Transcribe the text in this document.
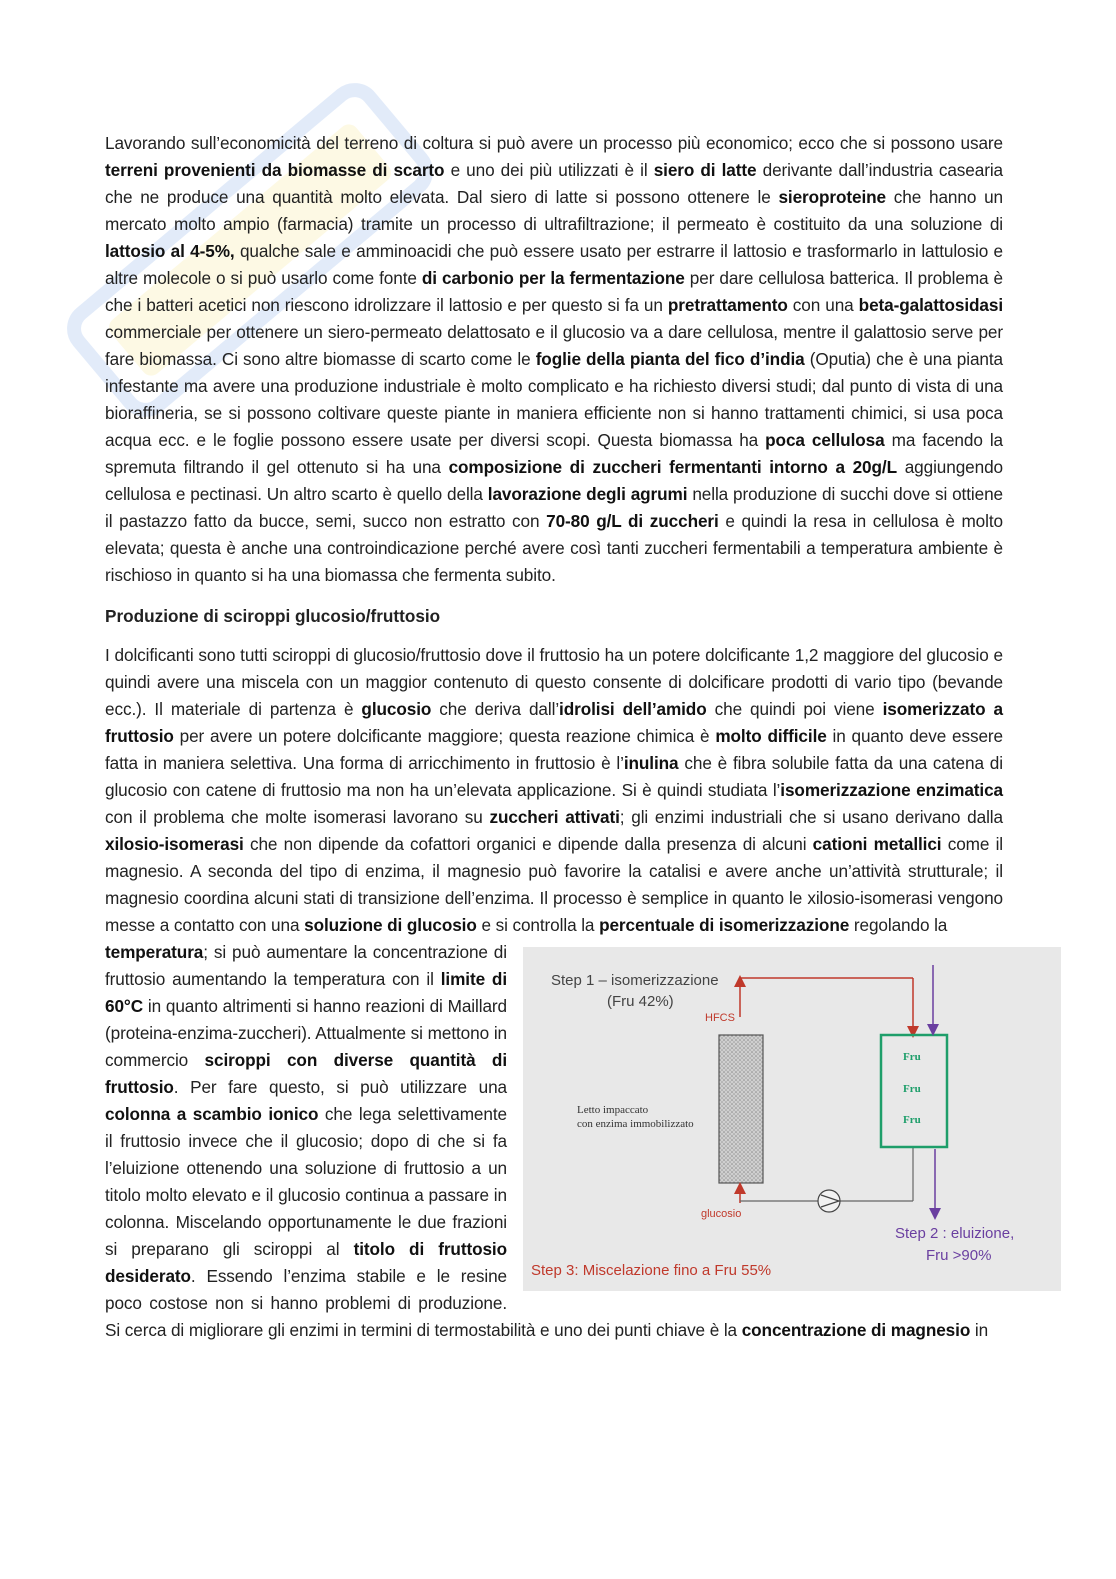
Lavorando sull’economicità del terreno di coltura si può avere un processo più economico; ecco che si possono usare terreni provenienti da biomasse di scarto e uno dei più utilizzati è il siero di latte derivante dall’industria casearia che ne produce una quantità molto elevata. Dal siero di latte si possono ottenere le sieroproteine che hanno un mercato molto ampio (farmacia) tramite un processo di ultrafiltrazione; il permeato è costituito da una soluzione di lattosio al 4-5%, qualche sale e amminoacidi che può essere usato per estrarre il lattosio e trasformarlo in lattulosio e altre molecole o si può usarlo come fonte di carbonio per la fermentazione per dare cellulosa batterica. Il problema è che i batteri acetici non riescono idrolizzare il lattosio e per questo si fa un pretrattamento con una beta-galattosidasi commerciale per ottenere un siero-permeato delattosato e il glucosio va a dare cellulosa, mentre il galattosio serve per fare biomassa. Ci sono altre biomasse di scarto come le foglie della pianta del fico d’india (Oputia) che è una pianta infestante ma avere una produzione industriale è molto complicato e ha richiesto diversi studi; dal punto di vista di una bioraffineria, se si possono coltivare queste piante in maniera efficiente non si hanno trattamenti chimici, si usa poca acqua ecc. e le foglie possono essere usate per diversi scopi. Questa biomassa ha poca cellulosa ma facendo la spremuta filtrando il gel ottenuto si ha una composizione di zuccheri fermentanti intorno a 20g/L aggiungendo cellulosa e pectinasi. Un altro scarto è quello della lavorazione degli agrumi nella produzione di succhi dove si ottiene il pastazzo fatto da bucce, semi, succo non estratto con 70-80 g/L di zuccheri e quindi la resa in cellulosa è molto elevata; questa è anche una controindicazione perché avere così tanti zuccheri fermentabili a temperatura ambiente è rischioso in quanto si ha una biomassa che fermenta subito.

Produzione di sciroppi glucosio/fruttosio

I dolcificanti sono tutti sciroppi di glucosio/fruttosio dove il fruttosio ha un potere dolcificante 1,2 maggiore del glucosio e quindi avere una miscela con un maggior contenuto di questo consente di dolcificare prodotti di vario tipo (bevande ecc.). Il materiale di partenza è glucosio che deriva dall’idrolisi dell’amido che quindi poi viene isomerizzato a fruttosio per avere un potere dolcificante maggiore; questa reazione chimica è molto difficile in quanto deve essere fatta in maniera selettiva. Una forma di arricchimento in fruttosio è l’inulina che è fibra solubile fatta da una catena di glucosio con catene di fruttosio ma non ha un’elevata applicazione. Si è quindi studiata l’isomerizzazione enzimatica con il problema che molte isomerasi lavorano su zuccheri attivati; gli enzimi industriali che si usano derivano dalla xilosio-isomerasi che non dipende da cofattori organici e dipende dalla presenza di alcuni cationi metallici come il magnesio. A seconda del tipo di enzima, il magnesio può favorire la catalisi e avere anche un’attività strutturale; il magnesio coordina alcuni stati di transizione dell’enzima. Il processo è semplice in quanto le xilosio-isomerasi vengono messe a contatto con una soluzione di glucosio e si controlla la percentuale di isomerizzazione regolando la

Step 1 – isomerizzazione
(Fru 42%)
HFCS
Letto impaccato
con enzima immobilizzato
glucosio
Fru
Fru
Fru
Step 2 : eluizione,
Fru >90%
Step 3: Miscelazione fino a Fru 55%

temperatura; si può aumentare la concentrazione di fruttosio aumentando la temperatura con il limite di 60°C in quanto altrimenti si hanno reazioni di Maillard (proteina-enzima-zuccheri). Attualmente si mettono in commercio sciroppi con diverse quantità di fruttosio. Per fare questo, si può utilizzare una colonna a scambio ionico che lega selettivamente il fruttosio invece che il glucosio; dopo di che si fa l’eluizione ottenendo una soluzione di fruttosio a un titolo molto elevato e il glucosio continua a passare in colonna. Miscelando opportunamente le due frazioni si preparano gli sciroppi al titolo di fruttosio desiderato. Essendo l’enzima stabile e le resine poco costose non si hanno problemi di produzione. Si cerca di migliorare gli enzimi in termini di termostabilità e uno dei punti chiave è la concentrazione di magnesio in
